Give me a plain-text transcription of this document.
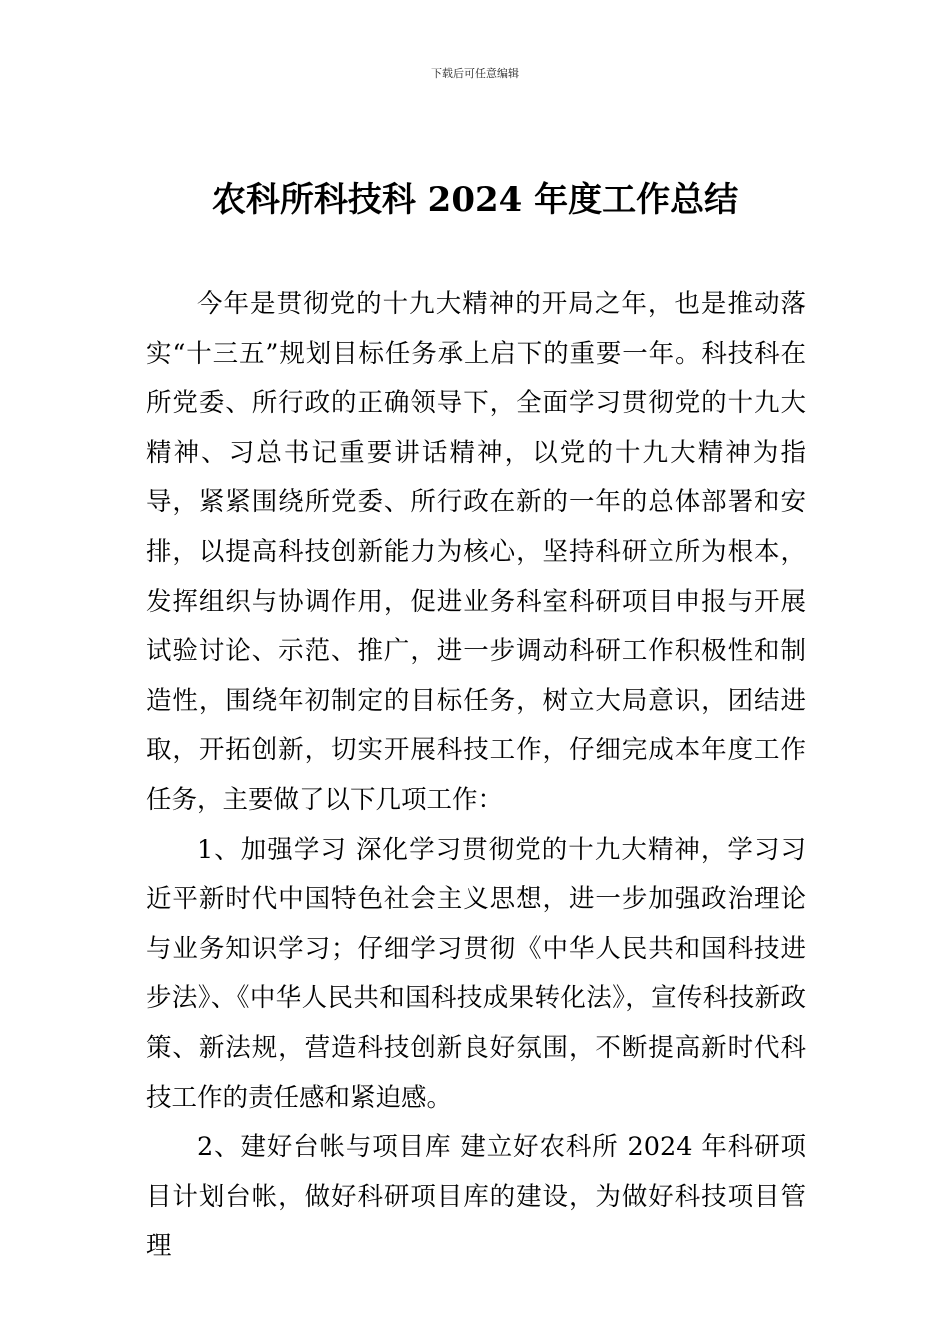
下载后可任意编辑
农科所科技科 2024 年度工作总结

今年是贯彻党的十九大精神的开局之年，也是推动落实“十三五”规划目标任务承上启下的重要一年。科技科在所党委、所行政的正确领导下，全面学习贯彻党的十九大精神、习总书记重要讲话精神，以党的十九大精神为指导，紧紧围绕所党委、所行政在新的一年的总体部署和安排，以提高科技创新能力为核心，坚持科研立所为根本，发挥组织与协调作用，促进业务科室科研项目申报与开展试验讨论、示范、推广，进一步调动科研工作积极性和制造性，围绕年初制定的目标任务，树立大局意识，团结进取，开拓创新，切实开展科技工作，仔细完成本年度工作任务，主要做了以下几项工作：

1、加强学习 深化学习贯彻党的十九大精神，学习习近平新时代中国特色社会主义思想，进一步加强政治理论与业务知识学习；仔细学习贯彻《中华人民共和国科技进步法》、《中华人民共和国科技成果转化法》，宣传科技新政策、新法规，营造科技创新良好氛围，不断提高新时代科技工作的责任感和紧迫感。

2、建好台帐与项目库 建立好农科所 2024 年科研项目计划台帐，做好科研项目库的建设，为做好科技项目管理
